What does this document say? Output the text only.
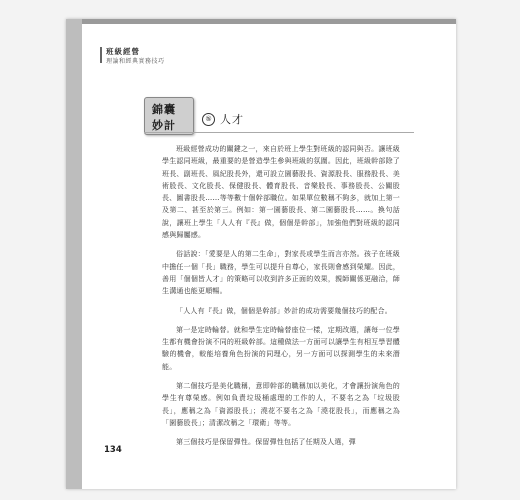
班級經營
理論和經典實務技巧
錦囊
妙計	⑤ 人才

班級經營成功的關鍵之一，來自於班上學生對班級的認同與否。讓班級學生認同班級，最重要的是營造學生參與班級的氛圍。因此，班級幹部除了班長、副班長、風紀股長外，還可設立園藝股長、資源股長、服務股長、美術股長、文化股長、保健股長、體育股長、音樂股長、事務股長、公關股長、圖書股長……等等數十個幹部職位。如果單位數稱不夠多，就加上第一及第二、甚至於第三。例如：第一園藝股長、第二園藝股長……。換句話說，讓班上學生「人人有『長』做，個個是幹部」，加強他們對班級的認同感與歸屬感。

俗話說：「愛要是人的第二生命」，對家長或學生而言亦然。孩子在班級中擔任一個「長」職務，學生可以提升自尊心，家長則會感到榮耀。因此，善用「個個皆人才」的策略可以收到許多正面的效果，親師關係更融洽，師生溝通也能更順暢。

「人人有『長』做，個個是幹部」妙計的成功需要幾個技巧的配合。

第一是定時輪替。就和學生定時輪替座位一樣，定期改選，讓每一位學生都有機會扮演不同的班級幹部。這種做法一方面可以讓學生有相互學習體驗的機會，較能培養角色扮演的同理心，另一方面可以探測學生的未來潛能。

第二個技巧是美化職稱，意即幹部的職稱加以美化，才會讓扮演角色的學生有尊榮感。例如負責垃圾桶處理的工作的人，不要名之為「垃圾股長」，應稱之為「資源股長」；澆花不要名之為「澆花股長」，而應稱之為「園藝股長」；清潔改稱之「環衛」等等。

第三個技巧是保留彈性。保留彈性包括了任期及人選，彈

134
